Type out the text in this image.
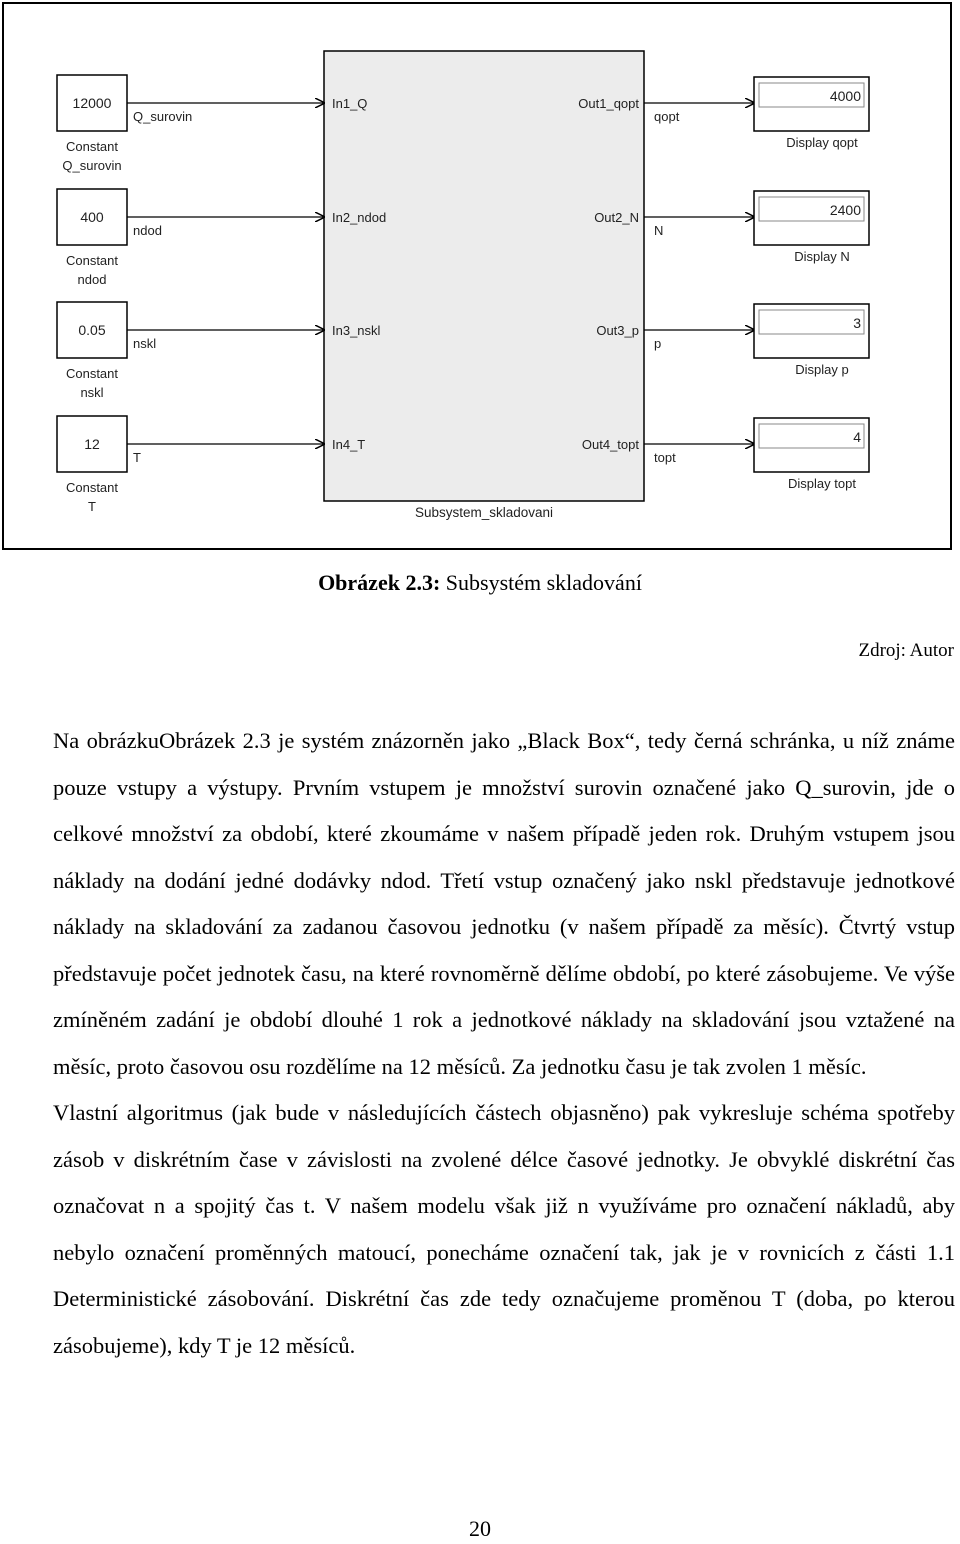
Subsystem_skladovani
12000
Constant
Q_surovin
Q_surovin
In1_Q
400
Constant
ndod
ndod
In2_ndod
0.05
Constant
nskl
nskl
In3_nskl
12
Constant
T
T
In4_T
Out1_qopt
qopt
4000
Display qopt
Out2_N
N
2400
Display N
Out3_p
p
3
Display p
Out4_topt
topt
4
Display topt
Obrázek 2.3: Subsystém skladování
Zdroj: Autor

Na obrázkuObrázek 2.3 je systém znázorněn jako „Black Box“, tedy černá schránka, u níž známe pouze vstupy a výstupy. Prvním vstupem je množství surovin označené jako Q_surovin, jde o celkové množství za období, které zkoumáme v našem případě jeden rok. Druhým vstupem jsou náklady na dodání jedné dodávky ndod. Třetí vstup označený jako nskl představuje jednotkové náklady na skladování za zadanou časovou jednotku (v našem případě za měsíc). Čtvrtý vstup představuje počet jednotek času, na které rovnoměrně dělíme období, po které zásobujeme. Ve výše zmíněném zadání je období dlouhé 1 rok a jednotkové náklady na skladování jsou vztažené na měsíc, proto časovou osu rozdělíme na 12 měsíců. Za jednotku času je tak zvolen 1 měsíc.

Vlastní algoritmus (jak bude v následujících částech objasněno) pak vykresluje schéma spotřeby zásob v diskrétním čase v závislosti na zvolené délce časové jednotky. Je obvyklé diskrétní čas označovat n a spojitý čas t. V našem modelu však již n využíváme pro označení nákladů, aby nebylo označení proměnných matoucí, ponecháme označení tak, jak je v rovnicích z části 1.1 Deterministické zásobování. Diskrétní čas zde tedy označujeme proměnou T (doba, po kterou zásobujeme), kdy T je 12 měsíců.

20
